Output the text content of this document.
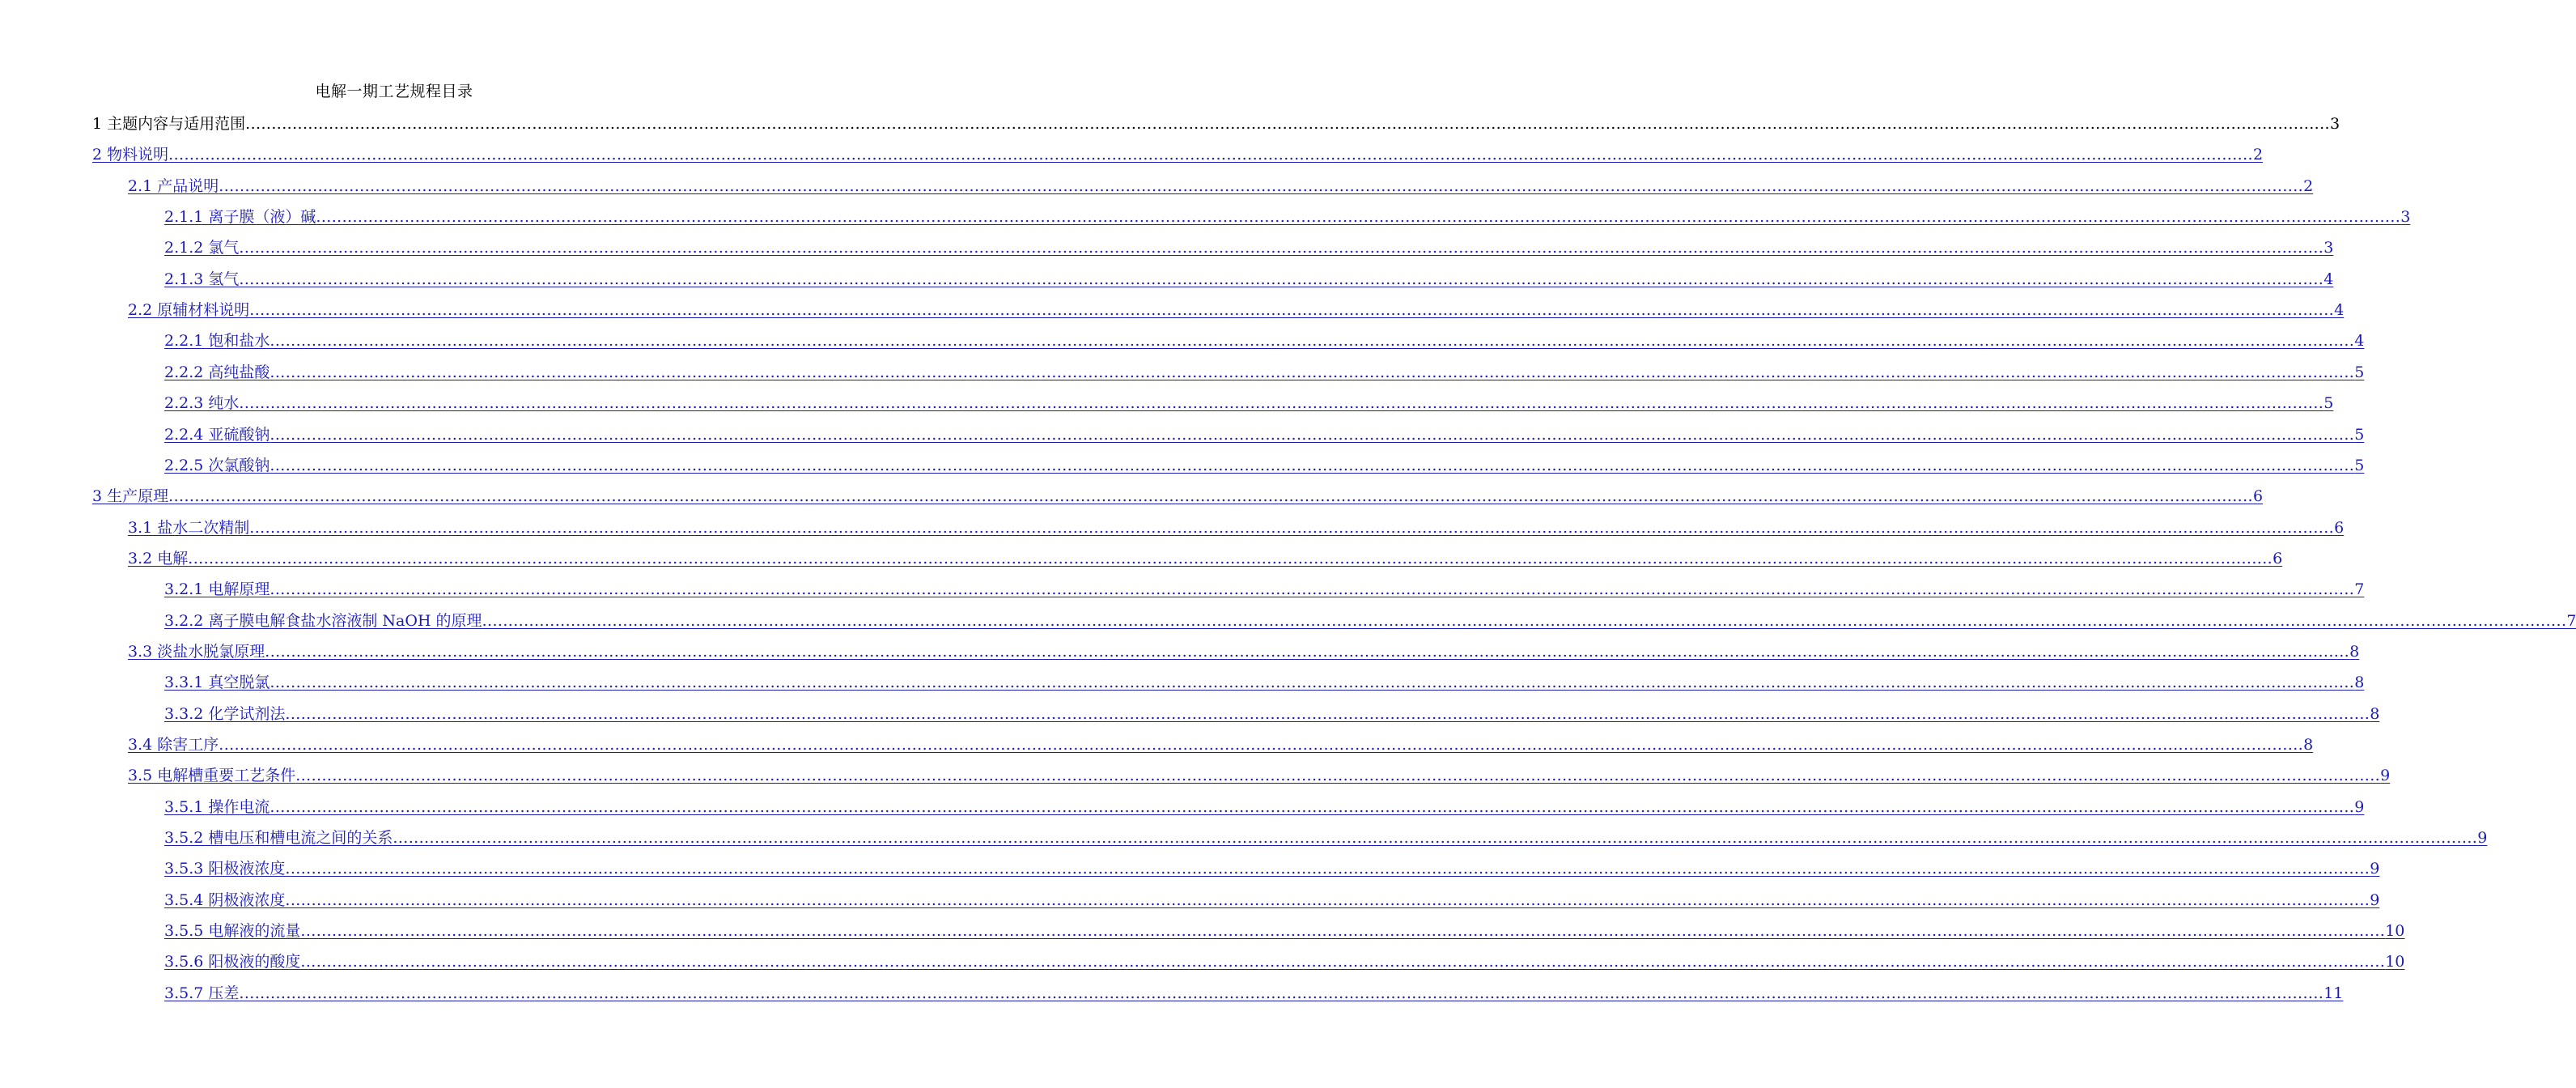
电解一期工艺规程目录
1 主题内容与适用范围 ................................................................................................................................................................................................................................................................................................................................................................................................................ 3
2 物料说明 ................................................................................................................................................................................................................................................................................................................................................................................................................ 2
2.1 产品说明 ................................................................................................................................................................................................................................................................................................................................................................................................................ 2
2.1.1 离子膜（液）碱 ................................................................................................................................................................................................................................................................................................................................................................................................................ 3
2.1.2 氯气 ................................................................................................................................................................................................................................................................................................................................................................................................................ 3
2.1.3 氢气 ................................................................................................................................................................................................................................................................................................................................................................................................................ 4
2.2 原辅材料说明 ................................................................................................................................................................................................................................................................................................................................................................................................................ 4
2.2.1 饱和盐水 ................................................................................................................................................................................................................................................................................................................................................................................................................ 4
2.2.2 高纯盐酸 ................................................................................................................................................................................................................................................................................................................................................................................................................ 5
2.2.3 纯水 ................................................................................................................................................................................................................................................................................................................................................................................................................ 5
2.2.4 亚硫酸钠 ................................................................................................................................................................................................................................................................................................................................................................................................................ 5
2.2.5 次氯酸钠 ................................................................................................................................................................................................................................................................................................................................................................................................................ 5
3 生产原理 ................................................................................................................................................................................................................................................................................................................................................................................................................ 6
3.1 盐水二次精制 ................................................................................................................................................................................................................................................................................................................................................................................................................ 6
3.2 电解 ................................................................................................................................................................................................................................................................................................................................................................................................................ 6
3.2.1 电解原理 ................................................................................................................................................................................................................................................................................................................................................................................................................ 7
3.2.2 离子膜电解食盐水溶液制 NaOH 的原理 ................................................................................................................................................................................................................................................................................................................................................................................................................ 7
3.3 淡盐水脱氯原理 ................................................................................................................................................................................................................................................................................................................................................................................................................ 8
3.3.1 真空脱氯 ................................................................................................................................................................................................................................................................................................................................................................................................................ 8
3.3.2 化学试剂法 ................................................................................................................................................................................................................................................................................................................................................................................................................ 8
3.4 除害工序 ................................................................................................................................................................................................................................................................................................................................................................................................................ 8
3.5 电解槽重要工艺条件 ................................................................................................................................................................................................................................................................................................................................................................................................................ 9
3.5.1 操作电流 ................................................................................................................................................................................................................................................................................................................................................................................................................ 9
3.5.2 槽电压和槽电流之间的关系 ................................................................................................................................................................................................................................................................................................................................................................................................................ 9
3.5.3 阳极液浓度 ................................................................................................................................................................................................................................................................................................................................................................................................................ 9
3.5.4 阴极液浓度 ................................................................................................................................................................................................................................................................................................................................................................................................................ 9
3.5.5 电解液的流量 ................................................................................................................................................................................................................................................................................................................................................................................................................ 10
3.5.6 阳极液的酸度 ................................................................................................................................................................................................................................................................................................................................................................................................................ 10
3.5.7 压差 ................................................................................................................................................................................................................................................................................................................................................................................................................ 11
